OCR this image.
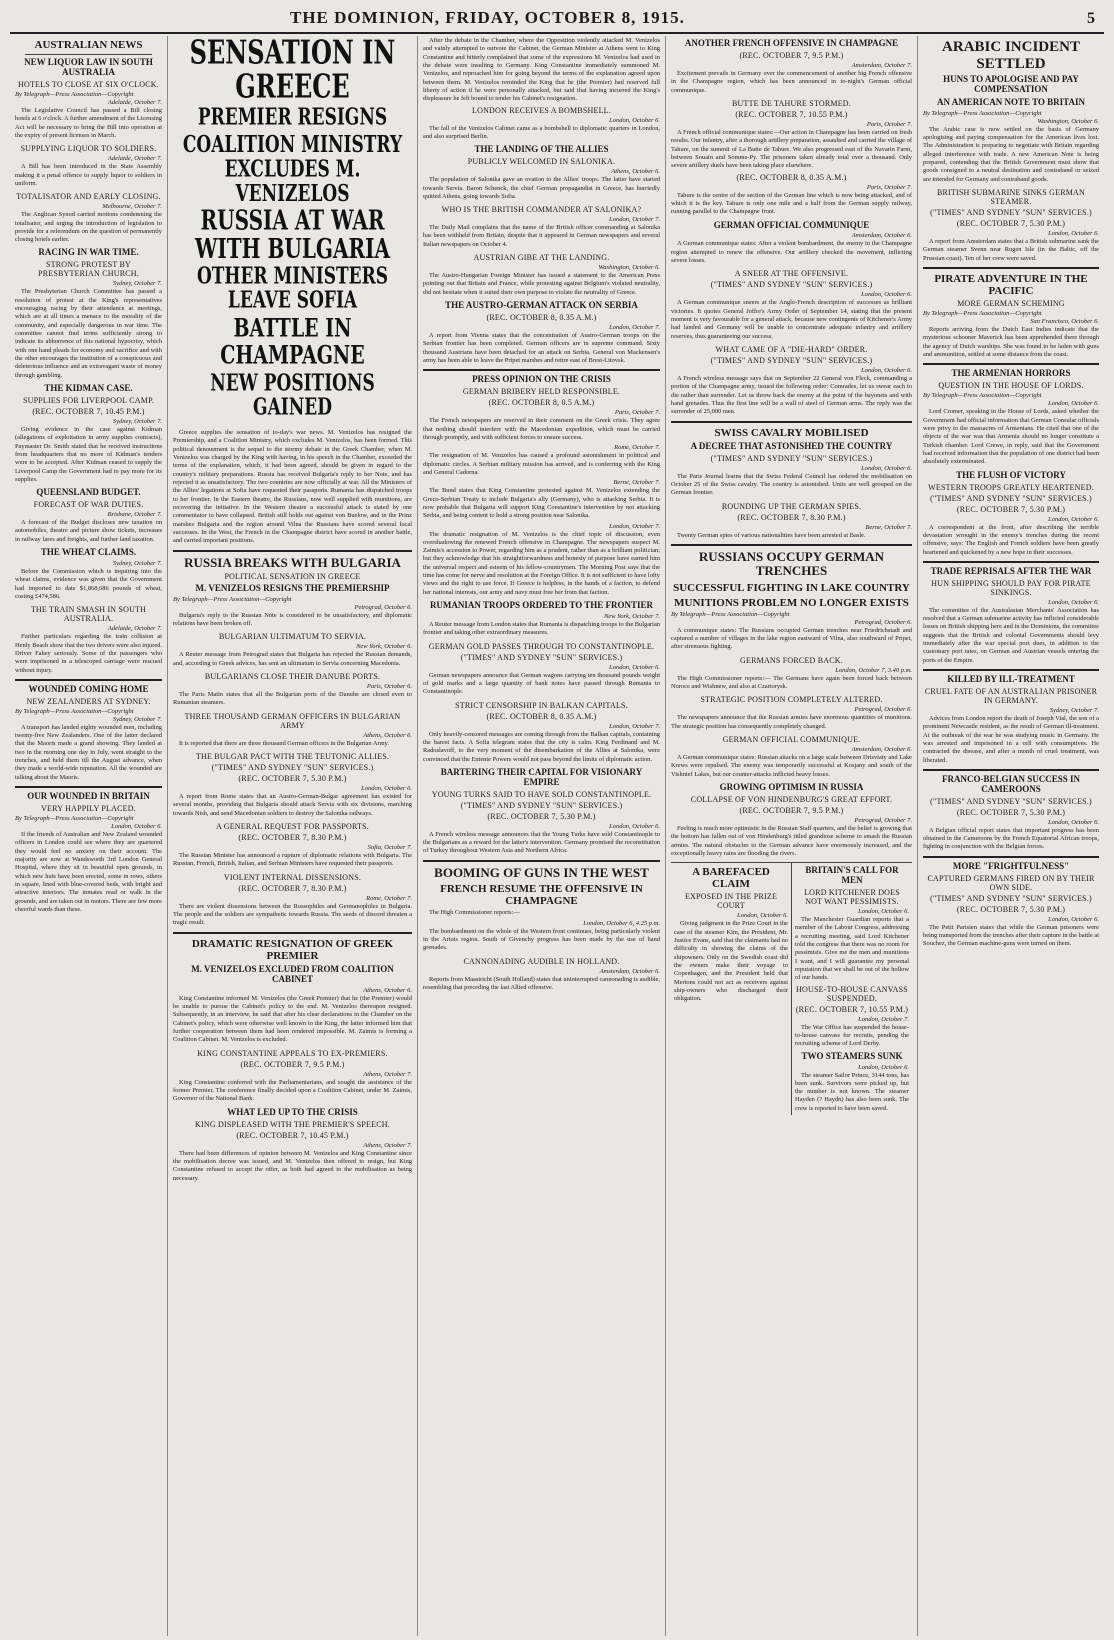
THE DOMINION, FRIDAY, OCTOBER 8, 1915.	5
AUSTRALIAN NEWS
NEW LIQUOR LAW IN SOUTH AUSTRALIA
HOTELS TO CLOSE AT SIX O'CLOCK.
By Telegraph—Press Association—Copyright
Adelaide, October 7.

The Legislative Council has passed a Bill closing hotels at 6 o'clock. A further amendment of the Licensing Act will be necessary to bring the Bill into operation at the expiry of present licenses in March.

SUPPLYING LIQUOR TO SOLDIERS.
Adelaide, October 7.

A Bill has been introduced in the State Assembly making it a penal offence to supply liquor to soldiers in uniform.

TOTALISATOR AND EARLY CLOSING.
Melbourne, October 7.

The Anglican Synod carried motions condemning the totalisator, and urging the introduction of legislation to provide for a referendum on the question of permanently closing hotels earlier.

RACING IN WAR TIME.
STRONG PROTEST BY PRESBYTERIAN CHURCH.
Sydney, October 7.

The Presbyterian Church Committee has passed a resolution of protest at the King's representatives encouraging racing by their attendance at meetings, which are at all times a menace to the morality of the community, and especially dangerous in war time. The committee cannot find terms sufficiently strong to indicate its abhorrence of this national hypocrisy, which with one hand pleads for economy and sacrifice and with the other encourages the institution of a conspicuous and deleterious influence and an extravagant waste of money through gambling.

THE KIDMAN CASE.
SUPPLIES FOR LIVERPOOL CAMP.
(REC. OCTOBER 7, 10.45 P.M.)
Sydney, October 7.

Giving evidence in the case against Kidman (allegations of exploitation in army supplies contracts), Paymaster Dr. Smith stated that he received instructions from headquarters that no more of Kidman's tenders were to be accepted. After Kidman ceased to supply the Liverpool Camp the Government had to pay more for its supplies.

QUEENSLAND BUDGET.
FORECAST OF WAR DUTIES.
Brisbane, October 7.

A forecast of the Budget discloses new taxation on automobiles, theatre and picture show tickets, increases in railway fares and freights, and further land taxation.

THE WHEAT CLAIMS.
Sydney, October 7.

Before the Commission which is inquiring into the wheat claims, evidence was given that the Government had imported to date $1,868,686 pounds of wheat, costing £474,586.

THE TRAIN SMASH IN SOUTH AUSTRALIA.
Adelaide, October 7.

Further particulars regarding the train collision at Henly Beach show that the two drivers were also injured. Driver Fahey seriously. Some of the passengers who were imprisoned in a telescoped carriage were rescued without injury.

WOUNDED COMING HOME
NEW ZEALANDERS AT SYDNEY.
By Telegraph—Press Association—Copyright
Sydney, October 7.

A transport has landed eighty wounded men, including twenty-five New Zealanders. One of the latter declared that the Maoris made a grand showing. They landed at two in the morning one day in July, went straight to the trenches, and held them till the August advance, when they made a world-wide reputation. All the wounded are talking about the Maoris.

OUR WOUNDED IN BRITAIN
VERY HAPPILY PLACED.
By Telegraph—Press Association—Copyright
London, October 6.

If the friends of Australian and New Zealand wounded officers in London could see where they are quartered they would feel no anxiety on their account. The majority are now at Wandsworth 3rd London General Hospital, where they sit in beautiful open grounds, in which new huts have been erected, some in rows, others in square, lined with blue-covered beds, with bright and attractive interiors. The inmates read or walk in the grounds, and are taken out in motors. There are few more cheerful wards than these.

SENSATION IN GREECE
PREMIER RESIGNS
COALITION MINISTRY EXCLUDES M. VENIZELOS
RUSSIA AT WAR WITH BULGARIA
OTHER MINISTERS LEAVE SOFIA
BATTLE IN CHAMPAGNE
NEW POSITIONS GAINED

Greece supplies the sensation of to-day's war news. M. Venizelos has resigned the Premiership, and a Coalition Ministry, which excludes M. Venizelos, has been formed. This political denouement is the sequel to the stormy debate in the Greek Chamber, when M. Venizelos was charged by the King with having, in his speech in the Chamber, exceeded the terms of the explanation, which, it had been agreed, should be given in regard to the country's military preparations. Russia has received Bulgaria's reply to her Note, and has rejected it as unsatisfactory. The two countries are now officially at war. All the Ministers of the Allies' legations at Sofia have requested their passports. Rumania has dispatched troops to her frontier. In the Eastern theatre, the Russians, now well supplied with munitions, are recovering the initiative. In the Western theatre a successful attack is stated by one commentator to have collapsed. British still holds out against von Buelow, and in the Prinz marshes Bulgaria and the region around Vilna the Russians have scored several local successes. In the West, the French in the Champagne district have scored in another battle, and carried important positions.

RUSSIA BREAKS WITH BULGARIA
POLITICAL SENSATION IN GREECE
M. VENIZELOS RESIGNS THE PREMIERSHIP
By Telegraph—Press Association—Copyright
Petrograd, October 6.

Bulgaria's reply to the Russian Note is considered to be unsatisfactory, and diplomatic relations have been broken off.

BULGARIAN ULTIMATUM TO SERVIA.
New York, October 6.

A Reuter message from Petrograd states that Bulgaria has rejected the Russian demands, and, according to Greek advices, has sent an ultimatum to Servia concerning Macedonia.

BULGARIANS CLOSE THEIR DANUBE PORTS.
Paris, October 6.

The Paris Matin states that all the Bulgarian ports of the Danube are closed even to Rumanian steamers.

THREE THOUSAND GERMAN OFFICERS IN BULGARIAN ARMY
Athens, October 6.

It is reported that there are three thousand German officers in the Bulgarian Army.

THE BULGAR PACT WITH THE TEUTONIC ALLIES.
("TIMES" AND SYDNEY "SUN" SERVICES.)
(REC. OCTOBER 7, 5.30 P.M.)
London, October 6.

A report from Rome states that an Austro-German-Bulgar agreement has existed for several months, providing that Bulgaria should attack Servia with six divisions, marching towards Nish, and send Macedonian soldiers to destroy the Salonika railways.

A GENERAL REQUEST FOR PASSPORTS.
(REC. OCTOBER 7, 8.30 P.M.)
Sofia, October 7.

The Russian Minister has announced a rupture of diplomatic relations with Bulgaria. The Russian, French, British, Italian, and Serbian Ministers have requested their passports.

VIOLENT INTERNAL DISSENSIONS.
(REC. OCTOBER 7, 8.30 P.M.)
Rome, October 7.

There are violent dissensions between the Russophiles and Germanophiles in Bulgaria. The people and the soldiers are sympathetic towards Russia. The seeds of discord threaten a tragic result.

DRAMATIC RESIGNATION OF GREEK PREMIER
M. VENIZELOS EXCLUDED FROM COALITION CABINET
Athens, October 6.

King Constantine informed M. Venizelos (the Greek Premier) that he (the Premier) would be unable to pursue the Cabinet's policy to the end. M. Venizelos thereupon resigned. Subsequently, in an interview, he said that after his clear declarations in the Chamber on the Cabinet's policy, which were otherwise well known to the King, the latter informed him that further cooperation between them had been rendered impossible. M. Zaimis is forming a Coalition Cabinet. M. Venizelos is excluded.

KING CONSTANTINE APPEALS TO EX-PREMIERS.
(REC. OCTOBER 7, 9.5 P.M.)
Athens, October 7.

King Constantine conferred with the Parliamentarians, and sought the assistance of the former Premier. The conference finally decided upon a Coalition Cabinet, under M. Zaimis, Governor of the National Bank.

WHAT LED UP TO THE CRISIS
KING DISPLEASED WITH THE PREMIER'S SPEECH.
(REC. OCTOBER 7, 10.45 P.M.)
Athens, October 7.

There had been differences of opinion between M. Venizelos and King Constantine since the mobilisation decree was issued, and M. Venizelos then offered to resign, but King Constantine refused to accept the offer, as both had agreed to the mobilisation as being necessary.

After the debate in the Chamber, where the Opposition violently attacked M. Venizelos and vainly attempted to outvote the Cabinet, the German Minister at Athens went to King Constantine and bitterly complained that some of the expressions M. Venizelos had used in the debate were insulting to Germany. King Constantine immediately summoned M. Venizelos, and reproached him for going beyond the terms of the explanation agreed upon between them. M. Venizelos reminded the King that he (the Premier) had reserved full liberty of action if he were personally attacked, but said that having incurred the King's displeasure he felt bound to tender his Cabinet's resignation.

LONDON RECEIVES A BOMBSHELL.
London, October 6.

The fall of the Venizelos Cabinet came as a bombshell to diplomatic quarters in London, and also surprised Berlin.

THE LANDING OF THE ALLIES
PUBLICLY WELCOMED IN SALONIKA.
Athens, October 6.

The population of Salonika gave an ovation to the Allies' troops. The latter have started towards Servia. Baron Schenck, the chief German propagandist in Greece, has hurriedly quitted Athens, going towards Sofia.

WHO IS THE BRITISH COMMANDER AT SALONIKA?
London, October 7.

The Daily Mail complains that the name of the British officer commanding at Salonika has been withheld from Britain, despite that it appeared in German newspapers and several Italian newspapers on October 4.

AUSTRIAN GIBE AT THE LANDING.
Washington, October 6.

The Austro-Hungarian Foreign Minister has issued a statement to the American Press pointing out that Britain and France, while protesting against Belgium's violated neutrality, did not hesitate when it suited their own purpose to violate the neutrality of Greece.

THE AUSTRO-GERMAN ATTACK ON SERBIA
(REC. OCTOBER 8, 0.35 A.M.)
London, October 7.

A report from Vienna states that the concentration of Austro-German troops on the Serbian frontier has been completed. German officers are in supreme command. Sixty thousand Austrians have been detached for an attack on Serbia. General von Mackensen's army has been able to leave the Pripet marshes and retire east of Brest-Litovsk.

PRESS OPINION ON THE CRISIS
GERMAN BRIBERY HELD RESPONSIBLE.
(REC. OCTOBER 8, 0.5 A.M.)
Paris, October 7.

The French newspapers are reserved in their comment on the Greek crisis. They agree that nothing should interfere with the Macedonian expedition, which must be carried through promptly, and with sufficient forces to ensure success.

Rome, October 7.

The resignation of M. Venizelos has caused a profound astonishment in political and diplomatic circles. A Serbian military mission has arrived, and is conferring with the King and General Cadorna.

Berne, October 7.

The Bund states that King Constantine protested against M. Venizelos extending the Greco-Serbian Treaty to include Bulgaria's ally (Germany), who is attacking Serbia. It is now probable that Bulgaria will support King Constantine's intervention by not attacking Serbia, and being content to hold a strong position near Salonika.

London, October 7.

The dramatic resignation of M. Venizelos is the chief topic of discussion, even overshadowing the renewed French offensive in Champagne. The newspapers suspect M. Zaimis's accession to Power, regarding him as a prudent, rather than as a brilliant politician; but they acknowledge that his straightforwardness and honesty of purpose have earned him the universal respect and esteem of his fellow-countrymen. The Morning Post says that the time has come for nerve and resolution at the Foreign Office. It is not sufficient to have lofty views and the right to use force. If Greece is helpless, in the hands of a faction, to defend her national interests, our army and navy must free her from that faction.

RUMANIAN TROOPS ORDERED TO THE FRONTIER
New York, October 7.

A Reuter message from London states that Rumania is dispatching troops to the Bulgarian frontier and taking other extraordinary measures.

GERMAN GOLD PASSES THROUGH TO CONSTANTINOPLE.
("TIMES" AND SYDNEY "SUN" SERVICES.)
London, October 6.

German newspapers announce that German wagons carrying ten thousand pounds weight of gold marks and a large quantity of bank notes have passed through Rumania to Constantinople.

STRICT CENSORSHIP IN BALKAN CAPITALS.
(REC. OCTOBER 8, 0.35 A.M.)
London, October 7.

Only heavily-censored messages are coming through from the Balkan capitals, containing the barest facts. A Sofia telegram states that the city is calm. King Ferdinand and M. Radoslavoff, to the very moment of the disembarkation of the Allies at Salonika, were convinced that the Entente Powers would not pass beyond the limits of diplomatic action.

BARTERING THEIR CAPITAL FOR VISIONARY EMPIRE
YOUNG TURKS SAID TO HAVE SOLD CONSTANTINOPLE.
("TIMES" AND SYDNEY "SUN" SERVICES.)
(REC. OCTOBER 7, 5.30 P.M.)
London, October 6.

A French wireless message announces that the Young Turks have sold Constantinople to the Bulgarians as a reward for the latter's intervention. Germany promised the reconstitution of Turkey throughout Western Asia and Northern Africa.

BOOMING OF GUNS IN THE WEST
FRENCH RESUME THE OFFENSIVE IN CHAMPAGNE

The High Commissioner reports:—

London, October 6, 4.25 p.m.

The bombardment on the whole of the Western front continues, being particularly violent in the Artois region. South of Givenchy progress has been made by the use of hand grenades.

CANNONADING AUDIBLE IN HOLLAND.
Amsterdam, October 6.

Reports from Maastricht (South Holland) states that uninterrupted cannonading is audible, resembling that preceding the last Allied offensive.

ANOTHER FRENCH OFFENSIVE IN CHAMPAGNE
(REC. OCTOBER 7, 9.5 P.M.)
Amsterdam, October 7.

Excitement prevails in Germany over the commencement of another big French offensive in the Champagne region, which has been announced in to-night's German official communique.

BUTTE DE TAHURE STORMED.
(REC. OCTOBER 7, 10.55 P.M.)
Paris, October 7.

A French official communique states:—Our action in Champagne has been carried on fresh results. Our infantry, after a thorough artillery preparation, assaulted and carried the village of Tahure, on the summit of La Butte de Tahure. We also progressed east of the Navarin Farm, between Souain and Somme-Py. The prisoners taken already total over a thousand. Only severe artillery duels have been taking place elsewhere.

(REC. OCTOBER 8, 0.35 A.M.)
Paris, October 7.

Tahure is the centre of the section of the German line which is now being attacked, and of which it is the key. Tahure is only one mile and a half from the German supply railway, running parallel to the Champagne front.

GERMAN OFFICIAL COMMUNIQUE
Amsterdam, October 6.

A German communique states: After a violent bombardment, the enemy in the Champagne region attempted to renew the offensive. Our artillery checked the movement, inflicting severe losses.

A SNEER AT THE OFFENSIVE.
("TIMES" AND SYDNEY "SUN" SERVICES.)
London, October 6.

A German communique sneers at the Anglo-French description of successes as brilliant victories. It quotes General Joffre's Army Order of September 14, stating that the present moment is very favourable for a general attack, because new contingents of Kitchener's Army had landed and Germany will be unable to concentrate adequate infantry and artillery reserves, thus guaranteeing our success.

WHAT CAME OF A "DIE-HARD" ORDER.
("TIMES" AND SYDNEY "SUN" SERVICES.)
London, October 6.

A French wireless message says that on September 22 General von Fleck, commanding a portion of the Champagne army, issued the following order: Comrades, let us swear each to die rather than surrender. Let us throw back the enemy at the point of the bayonets and with hand grenades. Thus the first line will be a wall of steel of German arms. The reply was the surrender of 25,000 men.

SWISS CAVALRY MOBILISED
A DECREE THAT ASTONISHED THE COUNTRY
("TIMES" AND SYDNEY "SUN" SERVICES.)
London, October 6.

The Paris Journal learns that the Swiss Federal Council has ordered the mobilisation on October 25 of the Swiss cavalry. The country is astonished. Units are well grouped on the German frontier.

ROUNDING UP THE GERMAN SPIES.
(REC. OCTOBER 7, 8.30 P.M.)
Berne, October 7.

Twenty German spies of various nationalities have been arrested at Basle.

RUSSIANS OCCUPY GERMAN TRENCHES
SUCCESSFUL FIGHTING IN LAKE COUNTRY
MUNITIONS PROBLEM NO LONGER EXISTS
By Telegraph—Press Association—Copyright
Petrograd, October 6.

A communique states: The Russians occupied German trenches near Friedrichstadt and captured a number of villages in the lake region eastward of Vilna, also southward of Pripet, after strenuous fighting.

GERMANS FORCED BACK.
London, October 7, 3.40 p.m.

The High Commissioner reports:— The Germans have again been forced back between Noroce and Wishnew, and also at Czartorysk.

STRATEGIC POSITION COMPLETELY ALTERED.
Petrograd, October 6.

The newspapers announce that the Russian armies have enormous quantities of munitions. The strategic position has consequently completely changed.

GERMAN OFFICIAL COMMUNIQUE.
Amsterdam, October 6.

A German communique states: Russian attacks on a large scale between Drisviaty and Lake Krews were repulsed. The enemy was temporarily successful at Kosjany and south of the Vishnief Lakes, but our counter-attacks inflicted heavy losses.

GROWING OPTIMISM IN RUSSIA
COLLAPSE OF VON HINDENBURG'S GREAT EFFORT.
(REC. OCTOBER 7, 9.5 P.M.)
Petrograd, October 7.

Feeling is much more optimistic in the Russian Staff quarters, and the belief is growing that the bottom has fallen out of von Hindenburg's titled grandiose scheme to smash the Russian armies. The natural obstacles to the German advance have enormously increased, and the exceptionally heavy rains are flooding the rivers.

A BAREFACED CLAIM
EXPOSED IN THE PRIZE COURT
London, October 6.

Giving judgment in the Prize Court in the case of the steamer Kim, the President, Mr. Justice Evans, said that the claimants had no difficulty in showing the claims of the shipowners. Only on the Swedish coast did the owners make their voyage to Copenhagen, and the President held that Mertons could not act as receivers against ship-owners who discharged their obligation.

BRITAIN'S CALL FOR MEN
LORD KITCHENER DOES NOT WANT PESSIMISTS.
London, October 6.

The Manchester Guardian reports that a member of the Labour Congress, addressing a recruiting meeting, said Lord Kitchener told the congress that there was no room for pessimists. Give me the men and munitions I want, and I will guarantee my personal reputation that we shall be out of the hollow of our hands.

HOUSE-TO-HOUSE CANVASS SUSPENDED.
(REC. OCTOBER 7, 10.55 P.M.)
London, October 7.

The War Office has suspended the house-to-house canvass for recruits, pending the recruiting scheme of Lord Derby.

TWO STEAMERS SUNK
London, October 6.

The steamer Sailor Prince, 3144 tons, has been sunk. Survivors were picked up, but the number is not known. The steamer Hayden (? Haydn) has also been sunk. The crew is reported to have been saved.

ARABIC INCIDENT SETTLED
HUNS TO APOLOGISE AND PAY COMPENSATION
AN AMERICAN NOTE TO BRITAIN
By Telegraph—Press Association—Copyright
Washington, October 6.

The Arabic case is now settled on the basis of Germany apologising and paying compensation for the American lives lost. The Administration is preparing to negotiate with Britain regarding alleged interference with trade. A new American Note is being prepared, contending that the British Government must show that goods consigned to a neutral destination and contraband or seized are intended for Germany and contraband goods.

BRITISH SUBMARINE SINKS GERMAN STEAMER.
("TIMES" AND SYDNEY "SUN" SERVICES.)
(REC. OCTOBER 7, 5.30 P.M.)
London, October 6.

A report from Amsterdam states that a British submarine sank the German steamer Svenn near Rugen Isle (in the Baltic, off the Prussian coast). Ten of her crew were saved.

PIRATE ADVENTURE IN THE PACIFIC
MORE GERMAN SCHEMING
By Telegraph—Press Association—Copyright
San Francisco, October 6.

Reports arriving from the Dutch East Indies indicate that the mysterious schooner Maverick has been apprehended there through the agency of Dutch warships. She was found to be laden with guns and ammunition, settled at some distance from the coast.

THE ARMENIAN HORRORS
QUESTION IN THE HOUSE OF LORDS.
By Telegraph—Press Association—Copyright
London, October 6.

Lord Cromer, speaking in the House of Lords, asked whether the Government had official information that German Consular officials were privy to the massacres of Armenians. He cited that one of the objects of the war was that Armenia should no longer constitute a Turkish chamber. Lord Crewe, in reply, said that the Government had received information that the population of one district had been absolutely exterminated.

THE FLUSH OF VICTORY
WESTERN TROOPS GREATLY HEARTENED.
("TIMES" AND SYDNEY "SUN" SERVICES.)
(REC. OCTOBER 7, 5.30 P.M.)
London, October 6.

A correspondent at the front, after describing the terrible devastation wrought in the enemy's trenches during the recent offensive, says: The English and French soldiers have been greatly heartened and quickened by a new hope in their successes.

TRADE REPRISALS AFTER THE WAR
HUN SHIPPING SHOULD PAY FOR PIRATE SINKINGS.
London, October 6.

The committee of the Australasian Merchants' Association has resolved that a German submarine activity has inflicted considerable losses on British shipping here and in the Dominions, the committee suggests that the British and colonial Governments should levy immediately after the war special port dues, in addition to the customary port rates, on German and Austrian vessels entering the ports of the Empire.

KILLED BY ILL-TREATMENT
CRUEL FATE OF AN AUSTRALIAN PRISONER IN GERMANY.
Sydney, October 7.

Advices from London report the death of Joseph Vial, the son of a prominent Newcastle resident, as the result of German ill-treatment. At the outbreak of the war he was studying music in Germany. He was arrested and imprisoned in a cell with consumptives. He contracted the disease, and after a month of cruel treatment, was liberated.

FRANCO-BELGIAN SUCCESS IN CAMEROONS
("TIMES" AND SYDNEY "SUN" SERVICES.)
(REC. OCTOBER 7, 5.30 P.M.)
London, October 6.

A Belgian official report states that important progress has been obtained in the Cameroons by the French Equatorial African troops, fighting in conjunction with the Belgian forces.

MORE "FRIGHTFULNESS"
CAPTURED GERMANS FIRED ON BY THEIR OWN SIDE.
("TIMES" AND SYDNEY "SUN" SERVICES.)
(REC. OCTOBER 7, 5.30 P.M.)
London, October 6.

The Petit Parisien states that while the German prisoners were being transported from the trenches after their capture in the battle at Souchez, the German machine-guns were turned on them.
